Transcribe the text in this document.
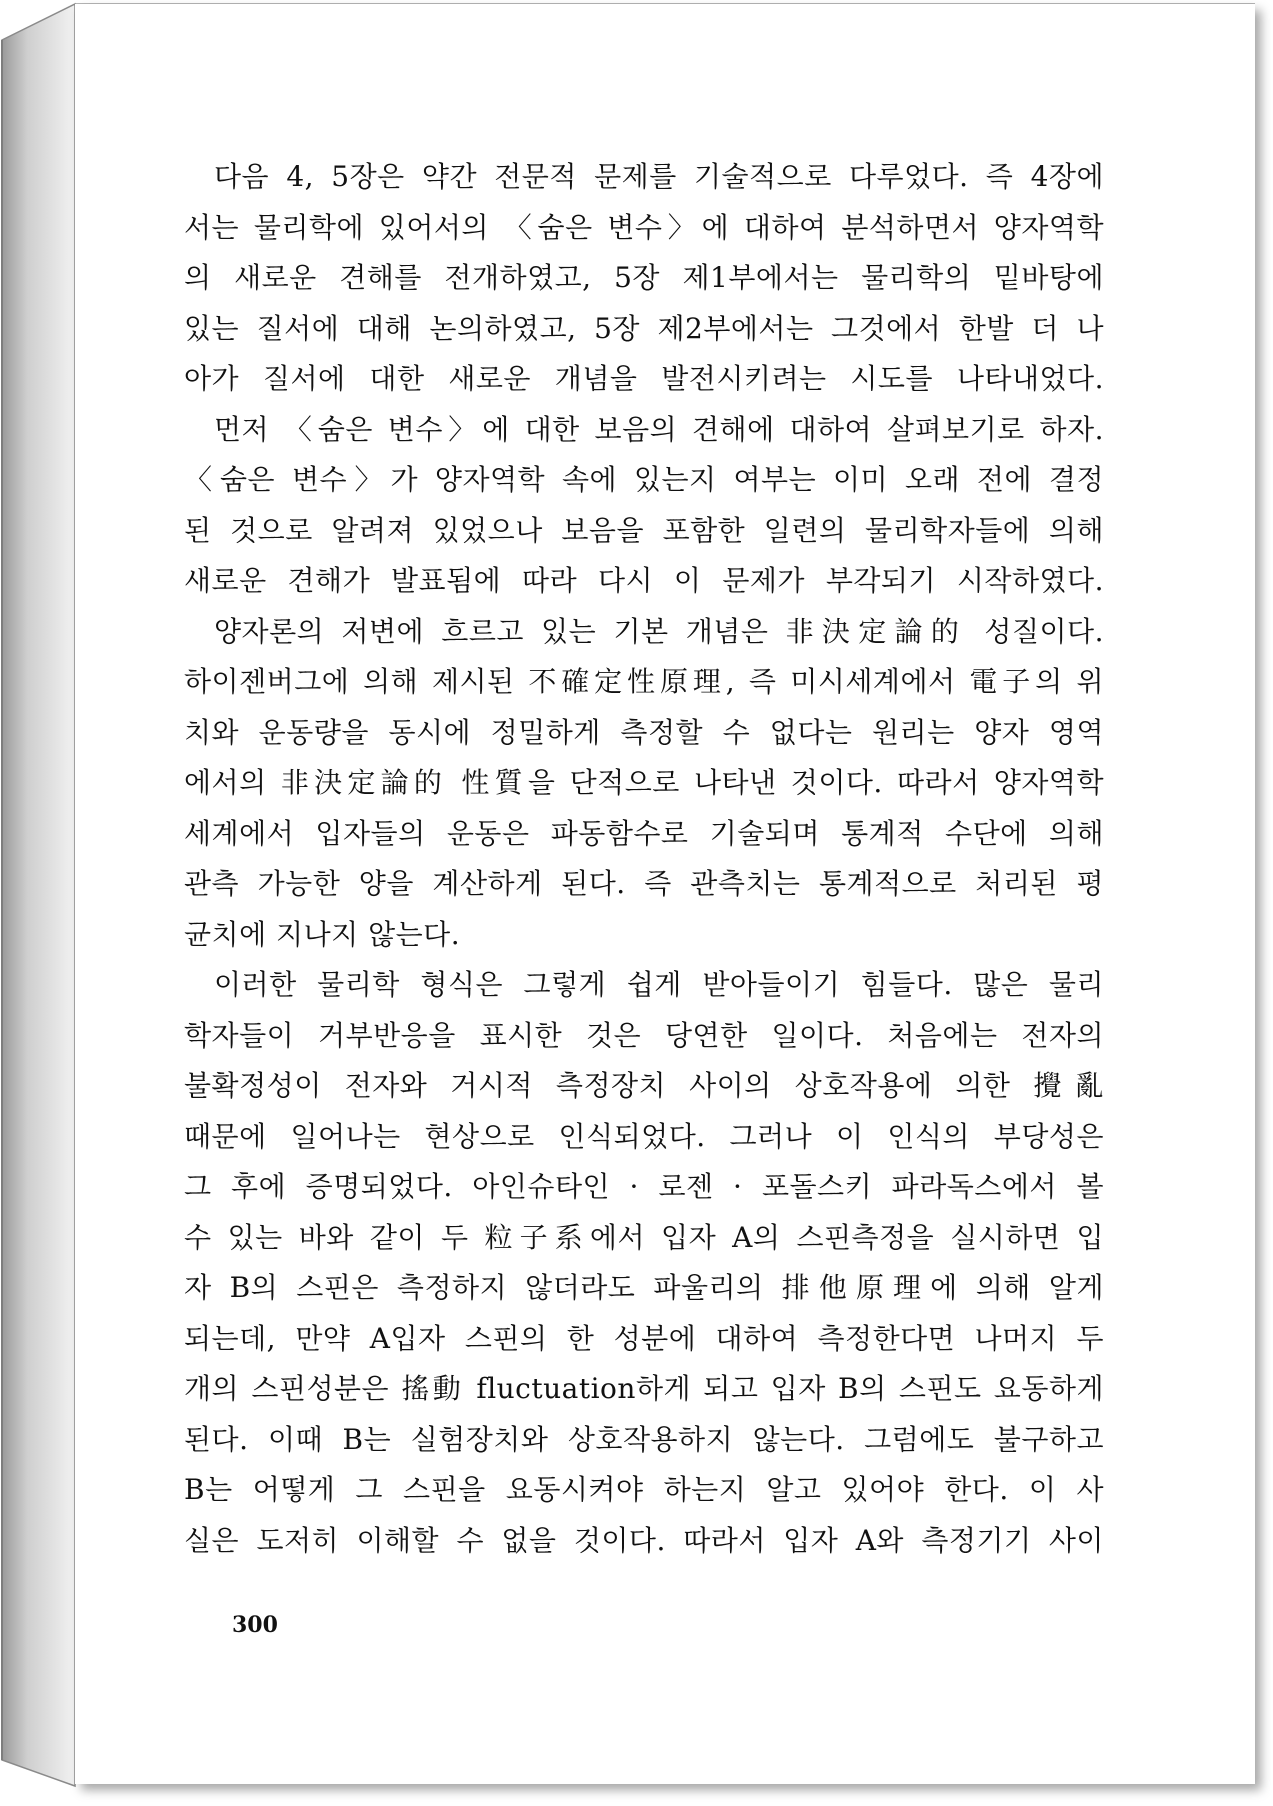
다음 4, 5장은 약간 전문적 문제를 기술적으로 다루었다. 즉 4장에
서는 물리학에 있어서의 〈숨은 변수〉에 대하여 분석하면서 양자역학
의 새로운 견해를 전개하였고, 5장 제1부에서는 물리학의 밑바탕에
있는 질서에 대해 논의하였고, 5장 제2부에서는 그것에서 한발 더 나
아가 질서에 대한 새로운 개념을 발전시키려는 시도를 나타내었다.
먼저 〈숨은 변수〉에 대한 보음의 견해에 대하여 살펴보기로 하자.
〈숨은 변수〉가 양자역학 속에 있는지 여부는 이미 오래 전에 결정
된 것으로 알려져 있었으나 보음을 포함한 일련의 물리학자들에 의해
새로운 견해가 발표됨에 따라 다시 이 문제가 부각되기 시작하였다.
양자론의 저변에 흐르고 있는 기본 개념은 非決定論的 성질이다.
하이젠버그에 의해 제시된 不確定性原理, 즉 미시세계에서 電子의 위
치와 운동량을 동시에 정밀하게 측정할 수 없다는 원리는 양자 영역
에서의 非決定論的 性質을 단적으로 나타낸 것이다. 따라서 양자역학
세계에서 입자들의 운동은 파동함수로 기술되며 통계적 수단에 의해
관측 가능한 양을 계산하게 된다. 즉 관측치는 통계적으로 처리된 평
균치에 지나지 않는다.
이러한 물리학 형식은 그렇게 쉽게 받아들이기 힘들다. 많은 물리
학자들이 거부반응을 표시한 것은 당연한 일이다. 처음에는 전자의
불확정성이 전자와 거시적 측정장치 사이의 상호작용에 의한 攪亂
때문에 일어나는 현상으로 인식되었다. 그러나 이 인식의 부당성은
그 후에 증명되었다. 아인슈타인 · 로젠 · 포돌스키 파라독스에서 볼
수 있는 바와 같이 두 粒子系에서 입자 A의 스핀측정을 실시하면 입
자 B의 스핀은 측정하지 않더라도 파울리의 排他原理에 의해 알게
되는데, 만약 A입자 스핀의 한 성분에 대하여 측정한다면 나머지 두
개의 스핀성분은 搖動 fluctuation하게 되고 입자 B의 스핀도 요동하게
된다. 이때 B는 실험장치와 상호작용하지 않는다. 그럼에도 불구하고
B는 어떻게 그 스핀을 요동시켜야 하는지 알고 있어야 한다. 이 사
실은 도저히 이해할 수 없을 것이다. 따라서 입자 A와 측정기기 사이
300
